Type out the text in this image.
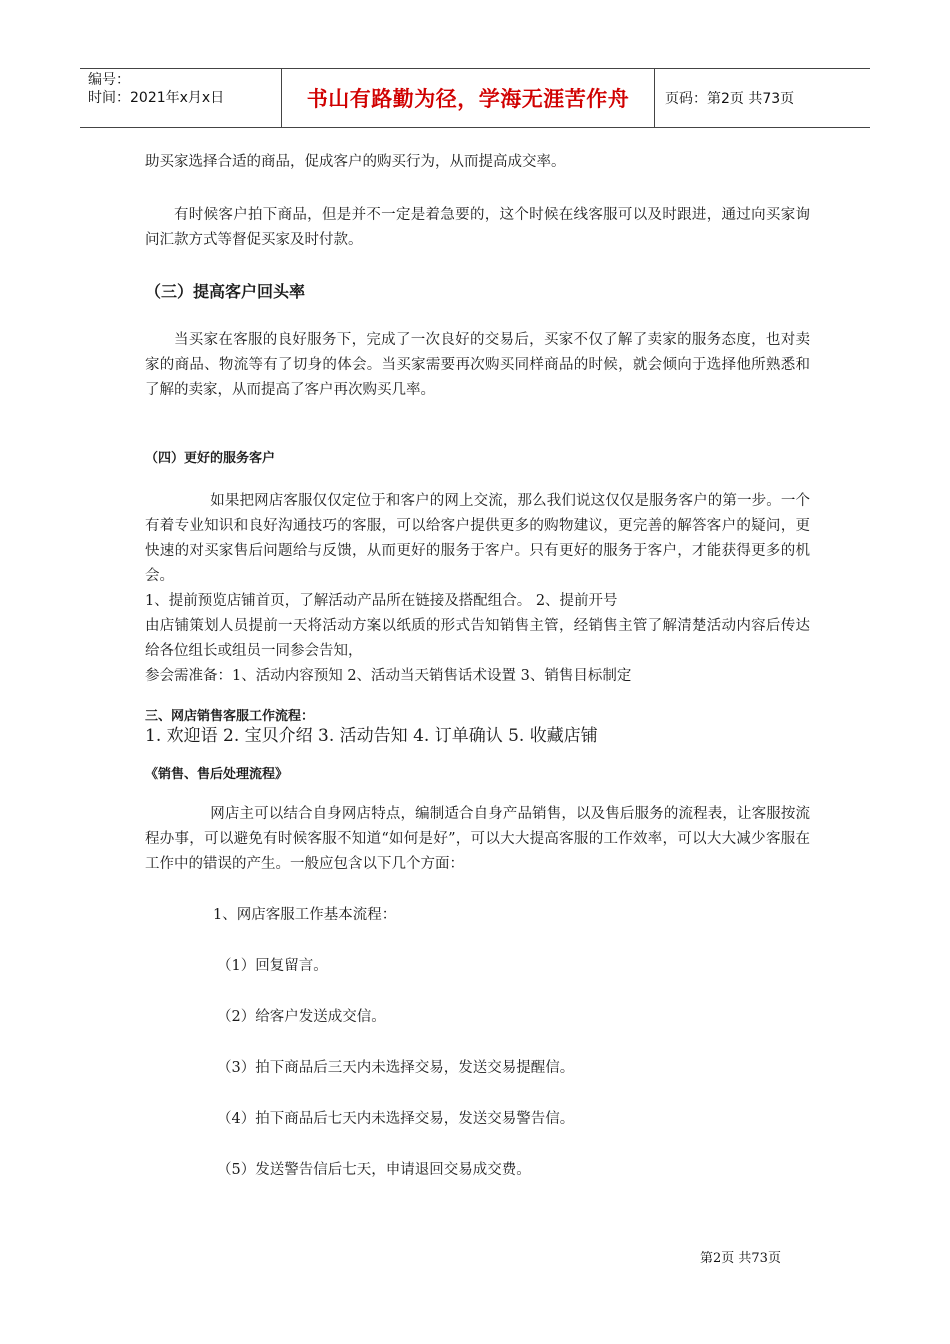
编号：
时间：2021年x月x日	书山有路勤为径，学海无涯苦作舟	页码：第2页 共73页

助买家选择合适的商品，促成客户的购买行为，从而提高成交率。

有时候客户拍下商品，但是并不一定是着急要的，这个时候在线客服可以及时跟进，通过向买家询问汇款方式等督促买家及时付款。

（三）提高客户回头率

当买家在客服的良好服务下，完成了一次良好的交易后，买家不仅了解了卖家的服务态度，也对卖家的商品、物流等有了切身的体会。当买家需要再次购买同样商品的时候，就会倾向于选择他所熟悉和了解的卖家，从而提高了客户再次购买几率。

（四）更好的服务客户

如果把网店客服仅仅定位于和客户的网上交流，那么我们说这仅仅是服务客户的第一步。一个有着专业知识和良好沟通技巧的客服，可以给客户提供更多的购物建议，更完善的解答客户的疑问，更快速的对买家售后问题给与反馈，从而更好的服务于客户。只有更好的服务于客户，才能获得更多的机会。

1、提前预览店铺首页，了解活动产品所在链接及搭配组合。 2、提前开号

由店铺策划人员提前一天将活动方案以纸质的形式告知销售主管，经销售主管了解清楚活动内容后传达给各位组长或组员一同参会告知，

参会需准备：1、活动内容预知 2、活动当天销售话术设置 3、销售目标制定

三、网店销售客服工作流程：

1. 欢迎语 2. 宝贝介绍 3. 活动告知 4. 订单确认 5. 收藏店铺

《销售、售后处理流程》

网店主可以结合自身网店特点，编制适合自身产品销售，以及售后服务的流程表，让客服按流程办事，可以避免有时候客服不知道“如何是好”，可以大大提高客服的工作效率，可以大大减少客服在工作中的错误的产生。一般应包含以下几个方面：

1、网店客服工作基本流程：

（1）回复留言。

（2）给客户发送成交信。

（3）拍下商品后三天内未选择交易，发送交易提醒信。

（4）拍下商品后七天内未选择交易，发送交易警告信。

（5）发送警告信后七天，申请退回交易成交费。

第2页 共73页
